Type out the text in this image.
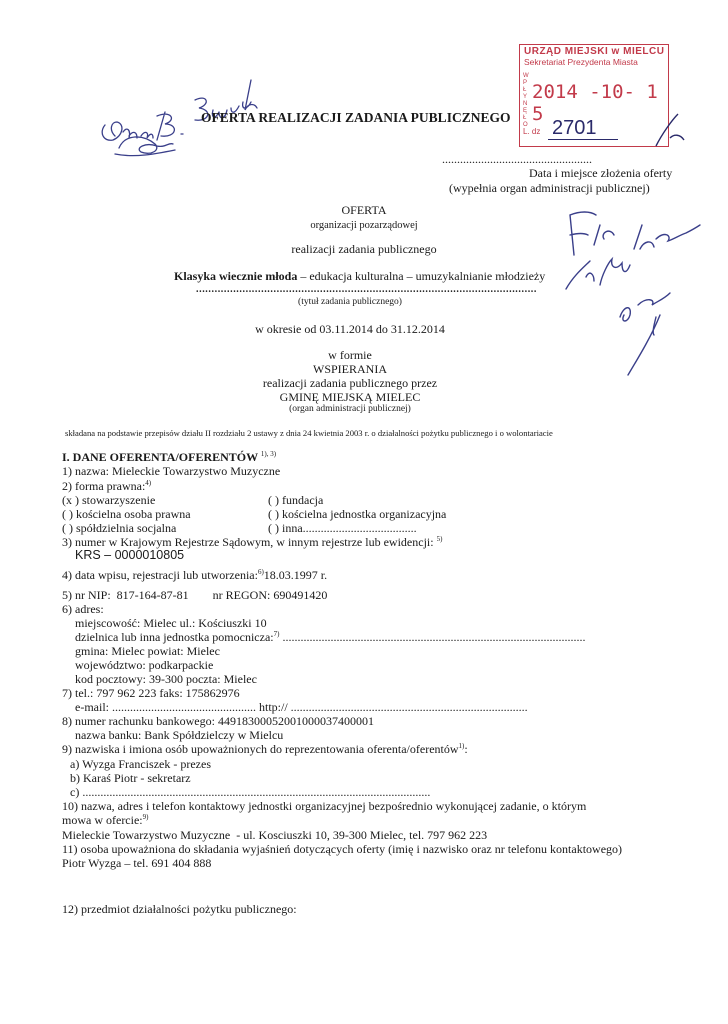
URZĄD MIEJSKI w MIELCU
Sekretariat Prezydenta Miasta
WPŁYNĘŁO
2014 -10- 1 5
L. dz 2701
OFERTA REALIZACJI ZADANIA PUBLICZNEGO
..................................................
Data i miejsce złożenia oferty
(wypełnia organ administracji publicznej)
OFERTA
organizacji pozarządowej
realizacji zadania publicznego
Klasyka wiecznie młoda – edukacja kulturalna – umuzykalnianie młodzieży
..............................................................................................................
(tytuł zadania publicznego)
w okresie od 03.11.2014 do 31.12.2014
w formie
WSPIERANIA
realizacji zadania publicznego przez
GMINĘ MIEJSKĄ MIELEC
(organ administracji publicznej)
składana na podstawie przepisów działu II rozdziału 2 ustawy z dnia 24 kwietnia 2003 r. o działalności pożytku publicznego i o wolontariacie
I. DANE OFERENTA/OFERENTÓW $^{1), 3)}$
1) nazwa: Mieleckie Towarzystwo Muzyczne
2) forma prawna:$^{4)}$
(x ) stowarzyszenie
( ) kościelna osoba prawna
( ) spółdzielnia socjalna
( ) fundacja
( ) kościelna jednostka organizacyjna
( ) inna......................................
3) numer w Krajowym Rejestrze Sądowym, w innym rejestrze lub ewidencji: $^{5)}$
KRS – 0000010805
4) data wpisu, rejestracji lub utworzenia:$^{6)}$18.03.1997 r.
5) nr NIP:  817-164-87-81        nr REGON: 690491420
6) adres:
miejscowość: Mielec ul.: Kościuszki 10
dzielnica lub inna jednostka pomocnicza:$^{7)}$ .....................................................................................................
gmina: Mielec powiat: Mielec
województwo: podkarpackie
kod pocztowy: 39-300 poczta: Mielec
7) tel.: 797 962 223 faks: 175862976
e-mail: ................................................ http:// ...............................................................................
8) numer rachunku bankowego: 44918300052001000037400001
nazwa banku: Bank Spółdzielczy w Mielcu
9) nazwiska i imiona osób upoważnionych do reprezentowania oferenta/oferentów$^{1)}$:
a) Wyzga Franciszek - prezes
b) Karaś Piotr - sekretarz
c) ....................................................................................................................
10) nazwa, adres i telefon kontaktowy jednostki organizacyjnej bezpośrednio wykonującej zadanie, o którym
mowa w ofercie:$^{9)}$
Mieleckie Towarzystwo Muzyczne  - ul. Kosciuszki 10, 39-300 Mielec, tel. 797 962 223
11) osoba upoważniona do składania wyjaśnień dotyczących oferty (imię i nazwisko oraz nr telefonu kontaktowego)
Piotr Wyzga – tel. 691 404 888
12) przedmiot działalności pożytku publicznego:
